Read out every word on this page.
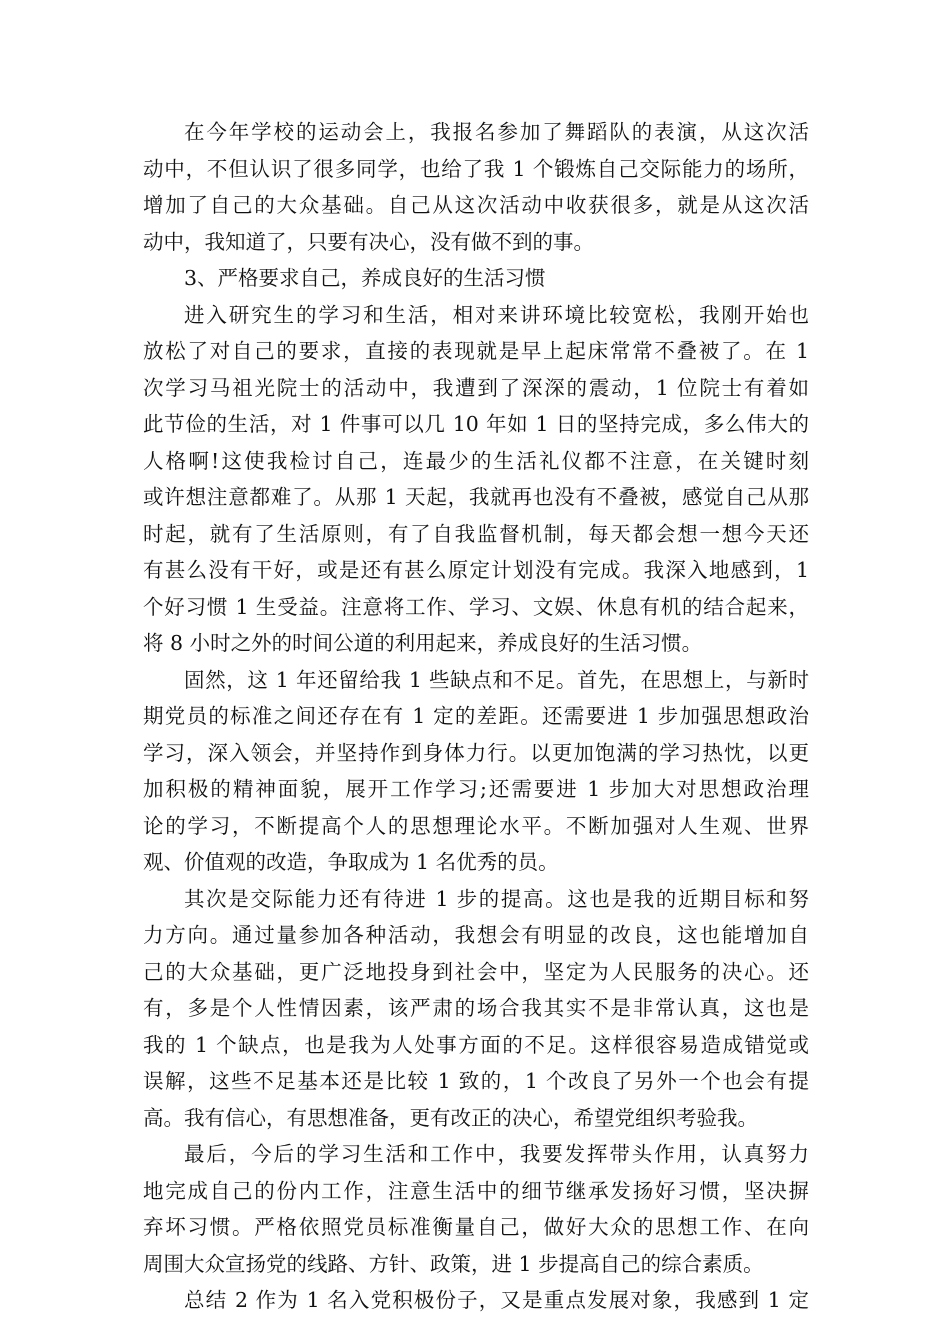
在今年学校的运动会上，我报名参加了舞蹈队的表演，从这次活
动中，不但认识了很多同学，也给了我 1 个锻炼自己交际能力的场所，
增加了自己的大众基础。自己从这次活动中收获很多，就是从这次活
动中，我知道了，只要有决心，没有做不到的事。
3、严格要求自己，养成良好的生活习惯
进入研究生的学习和生活，相对来讲环境比较宽松，我刚开始也
放松了对自己的要求，直接的表现就是早上起床常常不叠被了。在 1
次学习马祖光院士的活动中，我遭到了深深的震动，1 位院士有着如
此节俭的生活，对 1 件事可以几 10 年如 1 日的坚持完成，多么伟大的
人格啊!这使我检讨自己，连最少的生活礼仪都不注意，在关键时刻
或许想注意都难了。从那 1 天起，我就再也没有不叠被，感觉自己从那
时起，就有了生活原则，有了自我监督机制，每天都会想一想今天还
有甚么没有干好，或是还有甚么原定计划没有完成。我深入地感到，1
个好习惯 1 生受益。注意将工作、学习、文娱、休息有机的结合起来，
将 8 小时之外的时间公道的利用起来，养成良好的生活习惯。
固然，这 1 年还留给我 1 些缺点和不足。首先，在思想上，与新时
期党员的标准之间还存在有 1 定的差距。还需要进 1 步加强思想政治
学习，深入领会，并坚持作到身体力行。以更加饱满的学习热忱，以更
加积极的精神面貌，展开工作学习;还需要进 1 步加大对思想政治理
论的学习，不断提高个人的思想理论水平。不断加强对人生观、世界
观、价值观的改造，争取成为 1 名优秀的员。
其次是交际能力还有待进 1 步的提高。这也是我的近期目标和努
力方向。通过量参加各种活动，我想会有明显的改良，这也能增加自
己的大众基础，更广泛地投身到社会中，坚定为人民服务的决心。还
有，多是个人性情因素，该严肃的场合我其实不是非常认真，这也是
我的 1 个缺点，也是我为人处事方面的不足。这样很容易造成错觉或
误解，这些不足基本还是比较 1 致的，1 个改良了另外一个也会有提
高。我有信心，有思想准备，更有改正的决心，希望党组织考验我。
最后，今后的学习生活和工作中，我要发挥带头作用，认真努力
地完成自己的份内工作，注意生活中的细节继承发扬好习惯，坚决摒
弃坏习惯。严格依照党员标准衡量自己，做好大众的思想工作、在向
周围大众宣扬党的线路、方针、政策，进 1 步提高自己的综合素质。
总结 2 作为 1 名入党积极份子，又是重点发展对象，我感到 1 定
